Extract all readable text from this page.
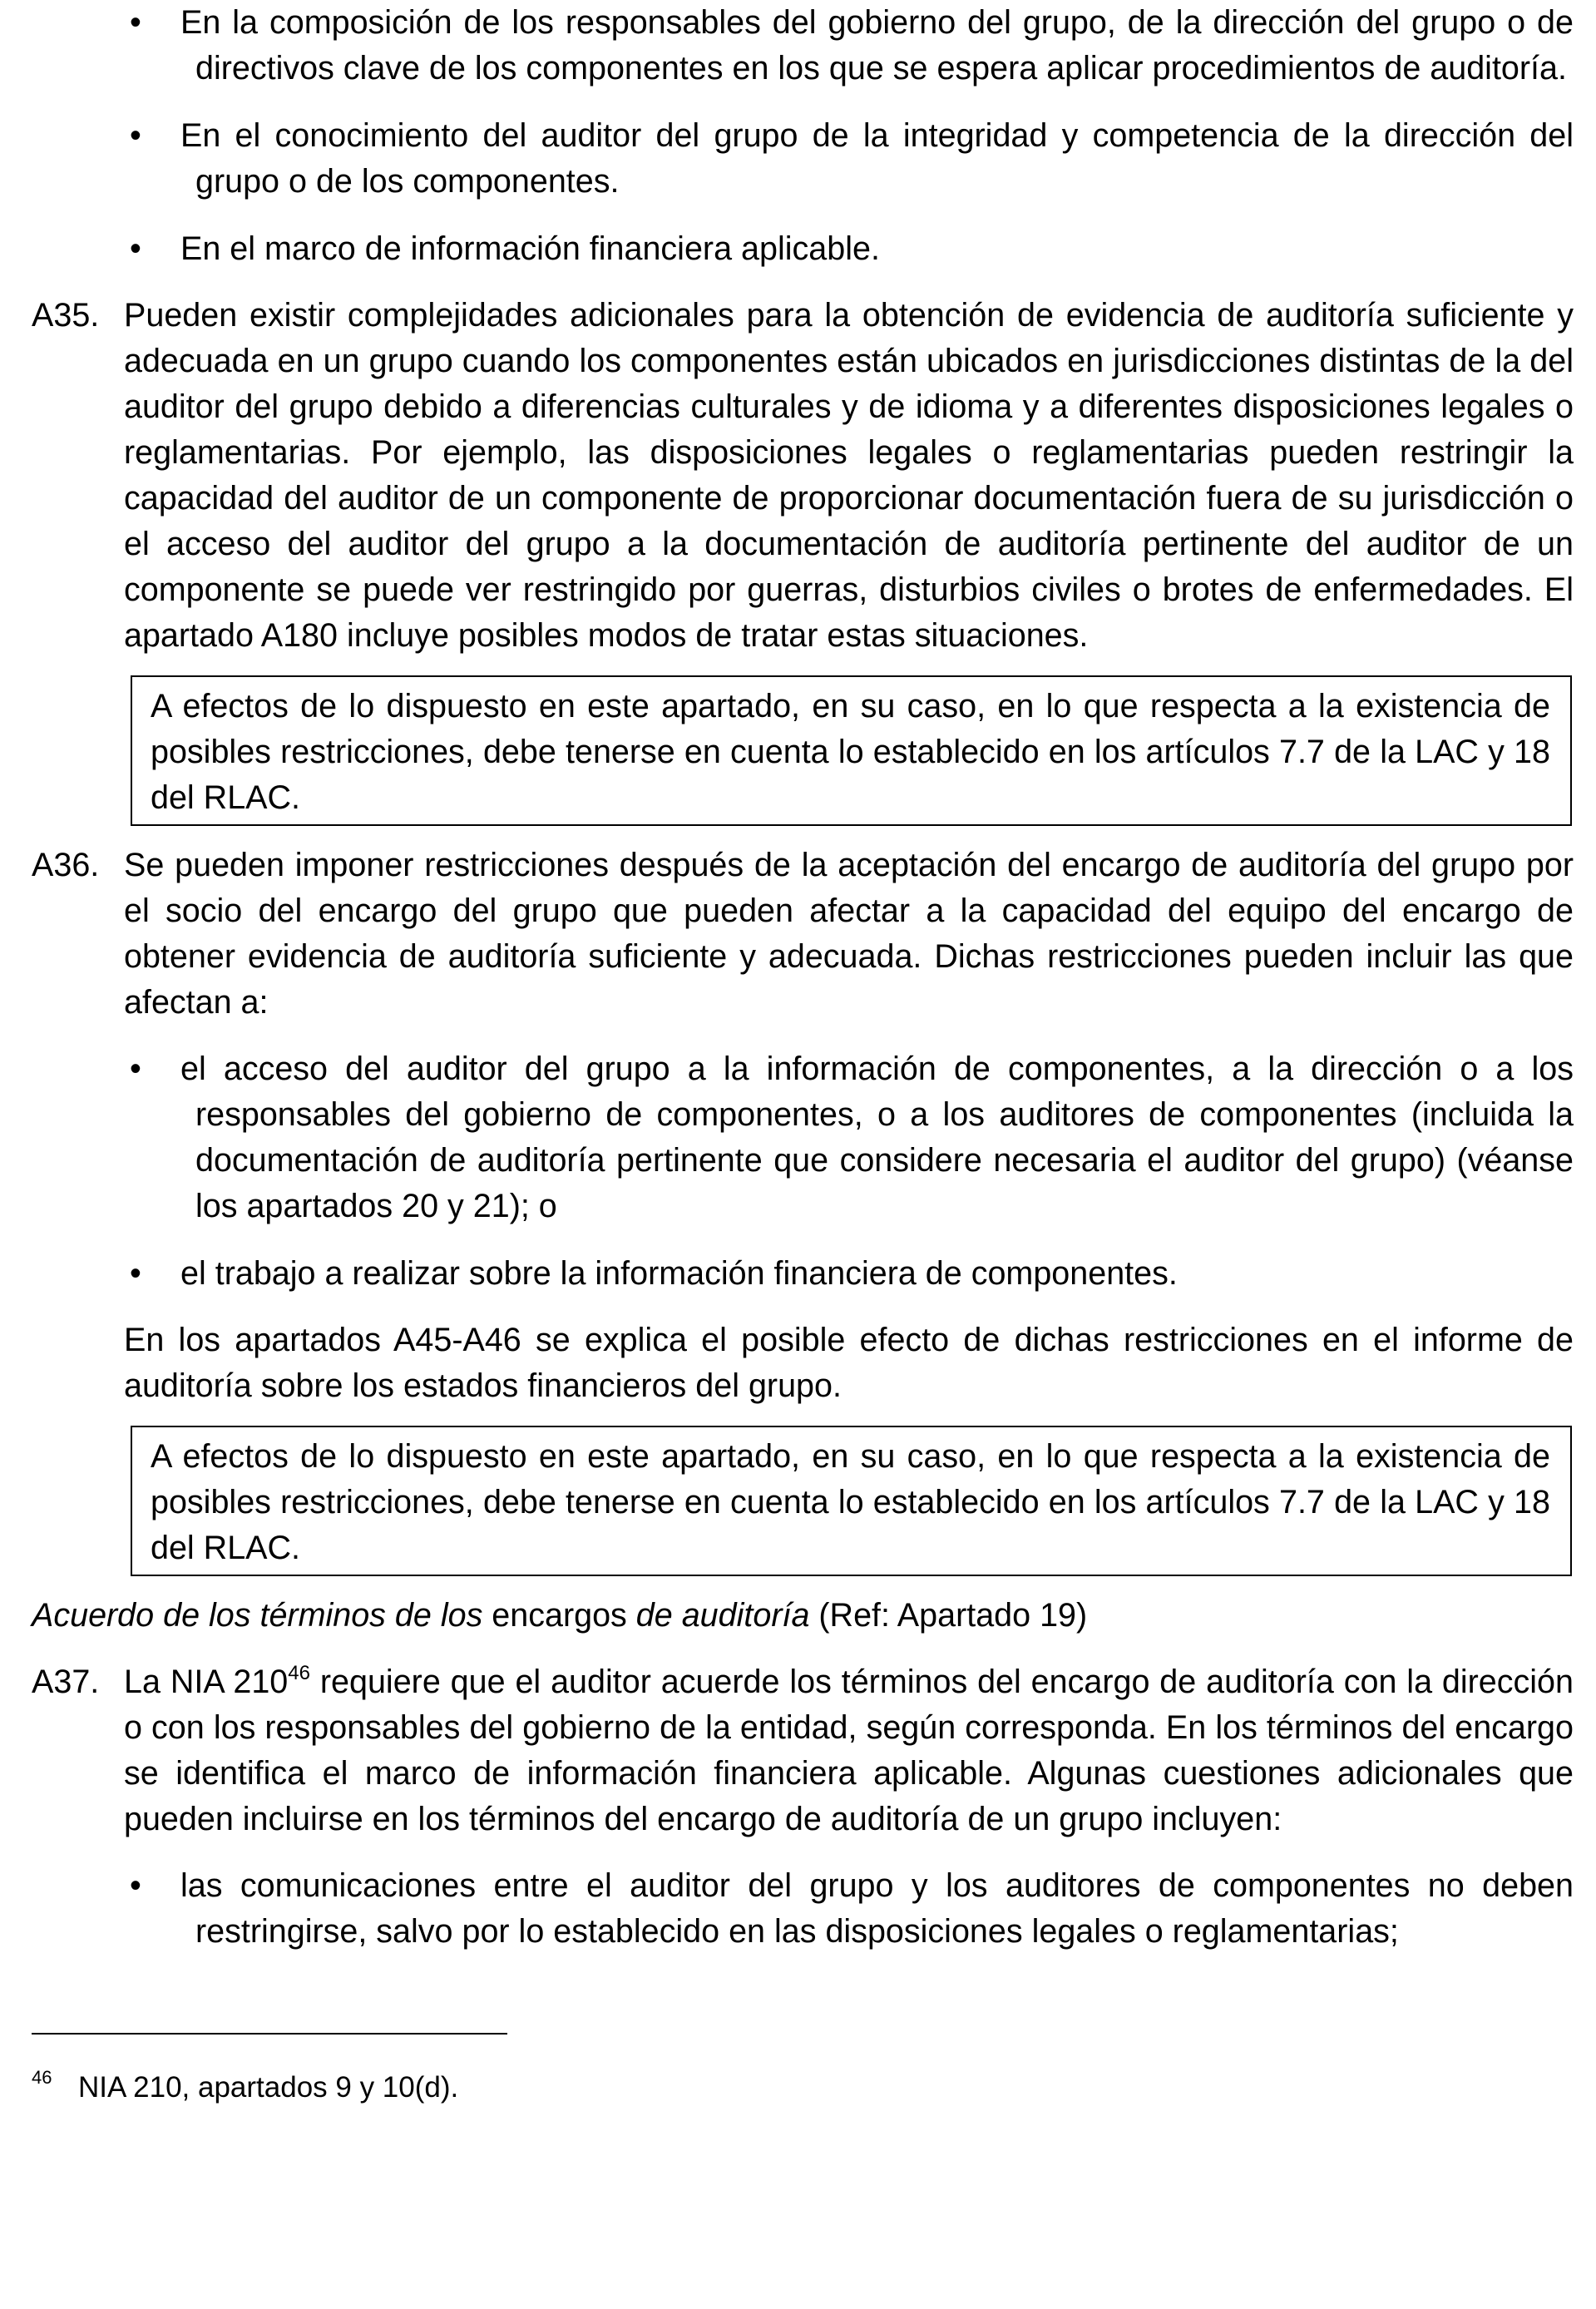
• En la composición de los responsables del gobierno del grupo, de la dirección del grupo o de directivos clave de los componentes en los que se espera aplicar procedimientos de auditoría.
• En el conocimiento del auditor del grupo de la integridad y competencia de la dirección del grupo o de los componentes.
• En el marco de información financiera aplicable.
A35. Pueden existir complejidades adicionales para la obtención de evidencia de auditoría suficiente y adecuada en un grupo cuando los componentes están ubicados en jurisdicciones distintas de la del auditor del grupo debido a diferencias culturales y de idioma y a diferentes disposiciones legales o reglamentarias. Por ejemplo, las disposiciones legales o reglamentarias pueden restringir la capacidad del auditor de un componente de proporcionar documentación fuera de su jurisdicción o el acceso del auditor del grupo a la documentación de auditoría pertinente del auditor de un componente se puede ver restringido por guerras, disturbios civiles o brotes de enfermedades. El apartado A180 incluye posibles modos de tratar estas situaciones.
A efectos de lo dispuesto en este apartado, en su caso, en lo que respecta a la existencia de posibles restricciones, debe tenerse en cuenta lo establecido en los artículos 7.7 de la LAC y 18 del RLAC.
A36. Se pueden imponer restricciones después de la aceptación del encargo de auditoría del grupo por el socio del encargo del grupo que pueden afectar a la capacidad del equipo del encargo de obtener evidencia de auditoría suficiente y adecuada. Dichas restricciones pueden incluir las que afectan a:
• el acceso del auditor del grupo a la información de componentes, a la dirección o a los responsables del gobierno de componentes, o a los auditores de componentes (incluida la documentación de auditoría pertinente que considere necesaria el auditor del grupo) (véanse los apartados 20 y 21); o
• el trabajo a realizar sobre la información financiera de componentes.
En los apartados A45-A46 se explica el posible efecto de dichas restricciones en el informe de auditoría sobre los estados financieros del grupo.
A efectos de lo dispuesto en este apartado, en su caso, en lo que respecta a la existencia de posibles restricciones, debe tenerse en cuenta lo establecido en los artículos 7.7 de la LAC y 18 del RLAC.
Acuerdo de los términos de los encargos de auditoría (Ref: Apartado 19)
A37. La NIA $210^{46}$ requiere que el auditor acuerde los términos del encargo de auditoría con la dirección o con los responsables del gobierno de la entidad, según corresponda. En los términos del encargo se identifica el marco de información financiera aplicable. Algunas cuestiones adicionales que pueden incluirse en los términos del encargo de auditoría de un grupo incluyen:
• las comunicaciones entre el auditor del grupo y los auditores de componentes no deben restringirse, salvo por lo establecido en las disposiciones legales o reglamentarias;
46 NIA 210, apartados 9 y 10(d).
